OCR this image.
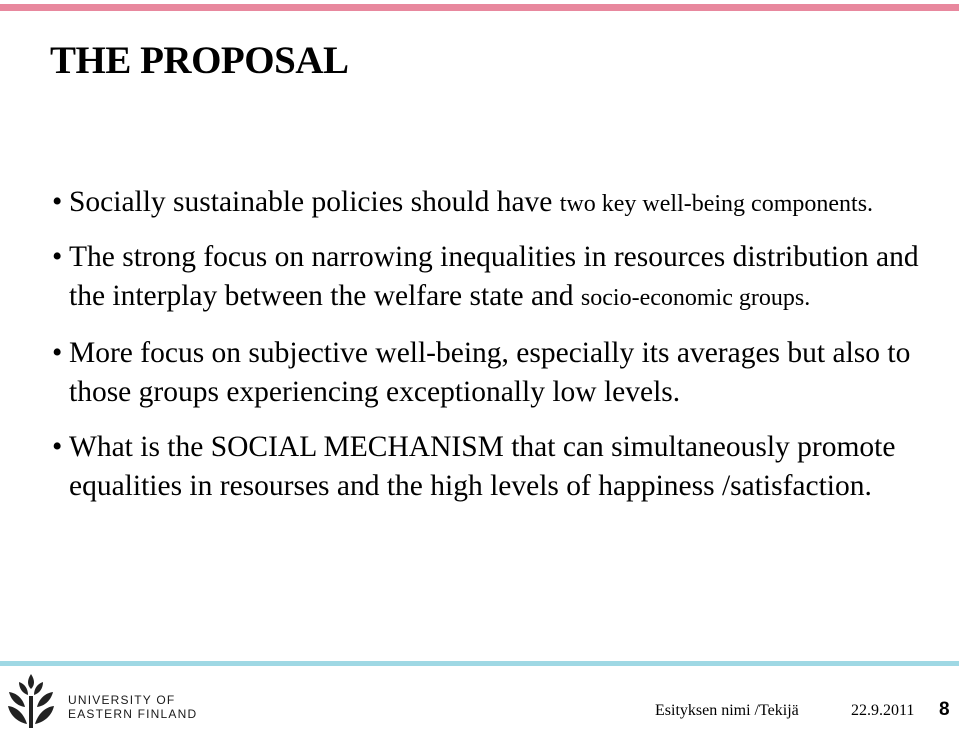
THE PROPOSAL
• Socially sustainable policies should have two key well-being components.
• The strong focus on narrowing inequalities in resources distribution and the interplay between the welfare state and socio-economic groups.
• More focus on subjective well-being, especially its averages but also to those groups experiencing exceptionally low levels.
• What is the SOCIAL MECHANISM that can simultaneously promote equalities in resourses and the high levels of happiness /satisfaction.
UNIVERSITY OF
EASTERN FINLAND	Esityksen nimi /Tekijä	22.9.2011 8
